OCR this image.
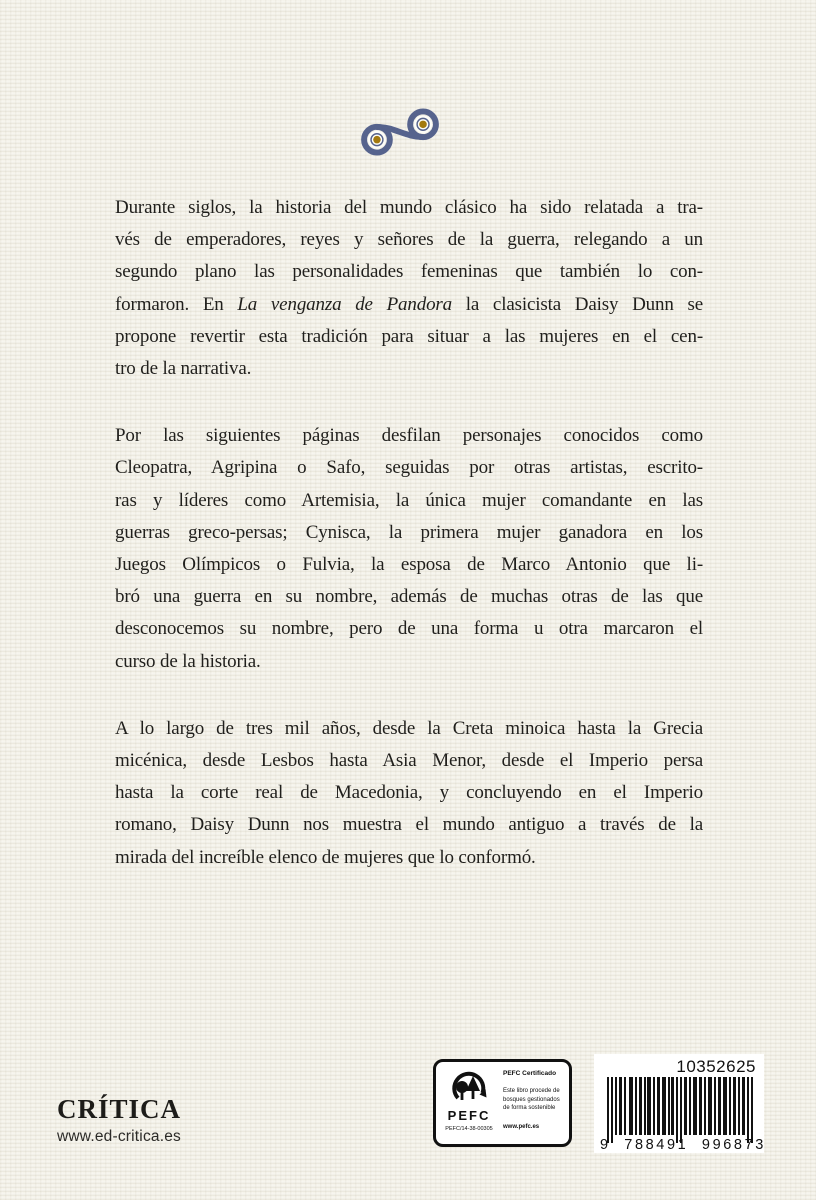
Durante siglos, la historia del mundo clásico ha sido relatada a tra-
vés de emperadores, reyes y señores de la guerra, relegando a un
segundo plano las personalidades femeninas que también lo con-
formaron. En La venganza de Pandora la clasicista Daisy Dunn se
propone revertir esta tradición para situar a las mujeres en el cen-
tro de la narrativa.
Por las siguientes páginas desfilan personajes conocidos como
Cleopatra, Agripina o Safo, seguidas por otras artistas, escrito-
ras y líderes como Artemisia, la única mujer comandante en las
guerras greco-persas; Cynisca, la primera mujer ganadora en los
Juegos Olímpicos o Fulvia, la esposa de Marco Antonio que li-
bró una guerra en su nombre, además de muchas otras de las que
desconocemos su nombre, pero de una forma u otra marcaron el
curso de la historia.
A lo largo de tres mil años, desde la Creta minoica hasta la Grecia
micénica, desde Lesbos hasta Asia Menor, desde el Imperio persa
hasta la corte real de Macedonia, y concluyendo en el Imperio
romano, Daisy Dunn nos muestra el mundo antiguo a través de la
mirada del increíble elenco de mujeres que lo conformó.
CRÍTICA
www.ed-critica.es
PEFC
PEFC/14-38-00305
PEFC Certificado
Este libro procede de
bosques gestionados
de forma sostenible
www.pefc.es
10352625
9 788491 996873
